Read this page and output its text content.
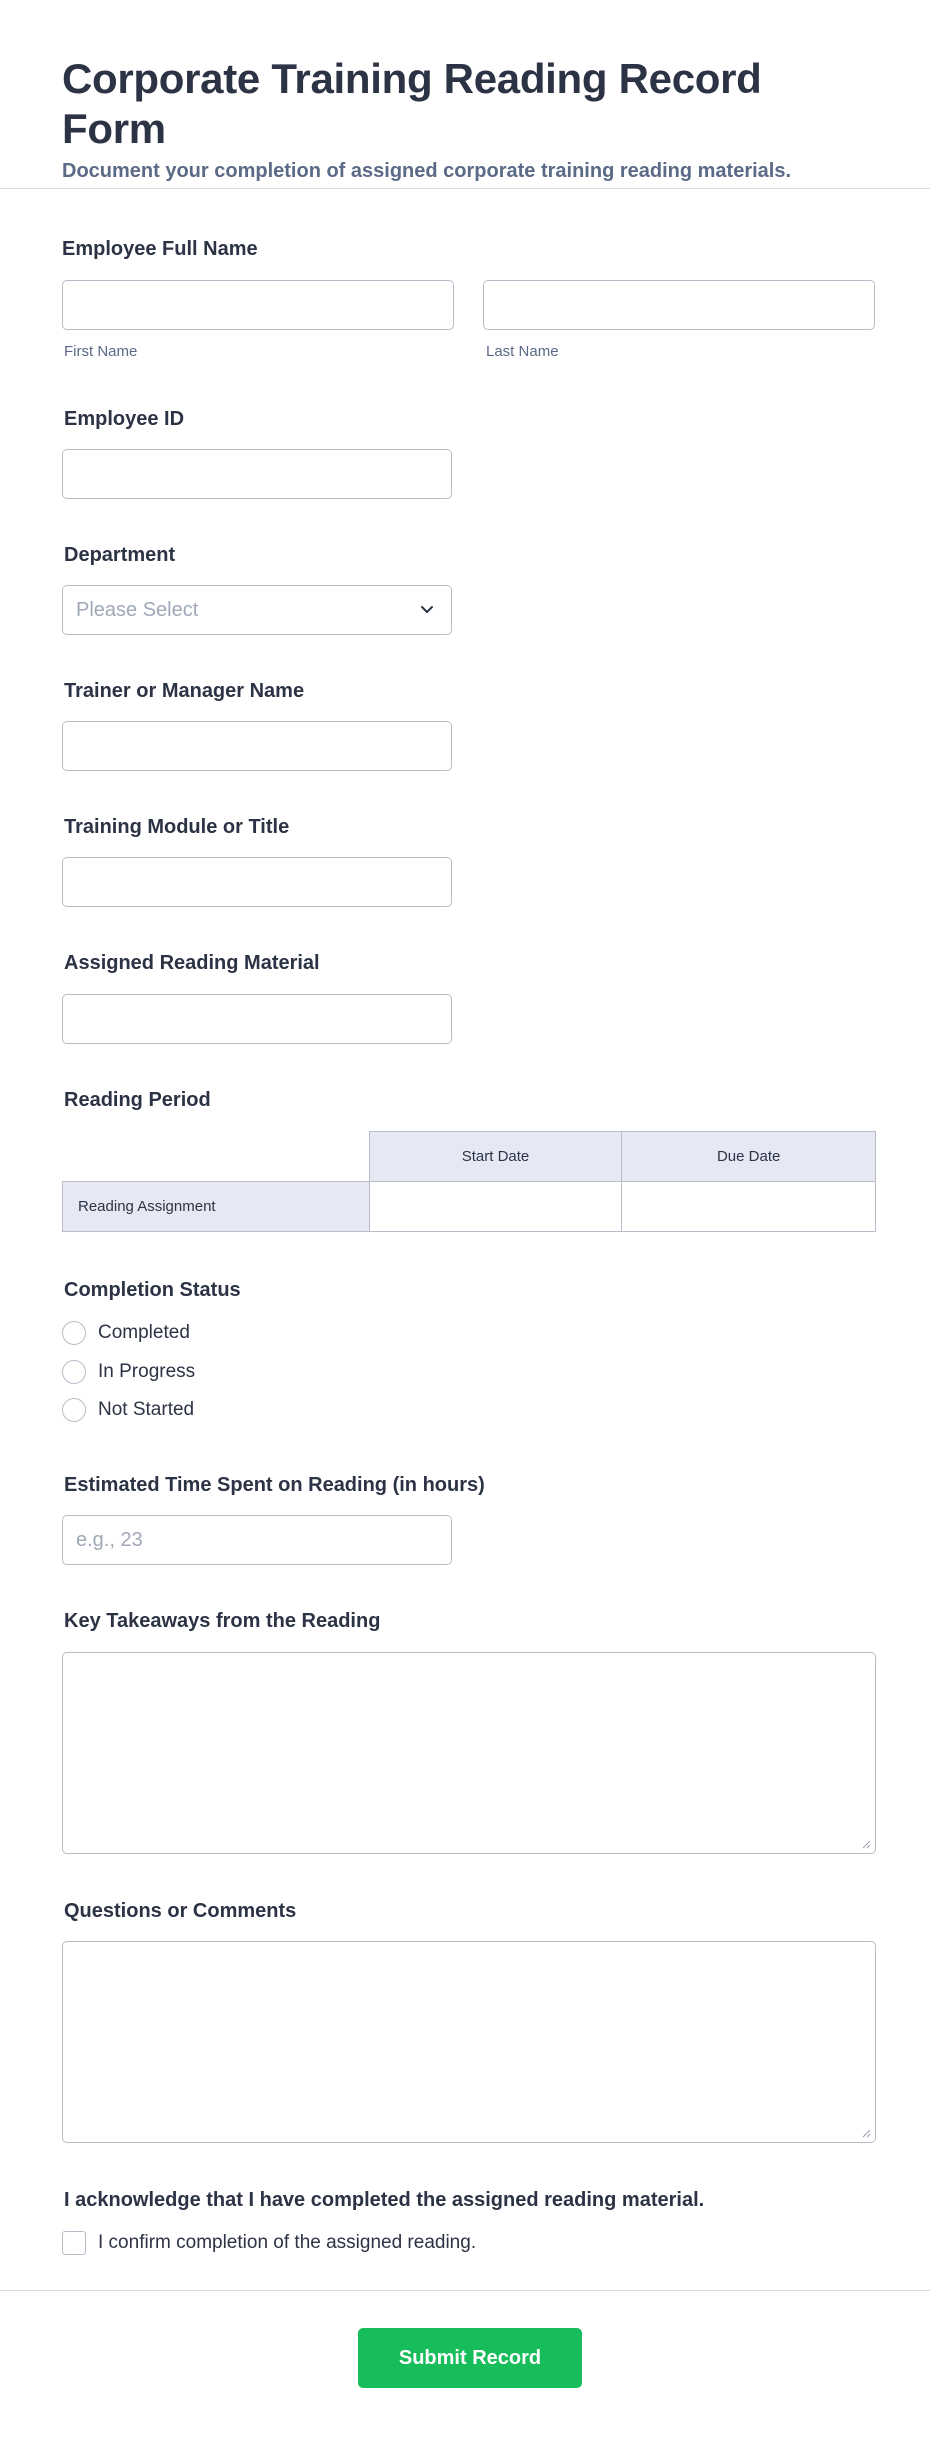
Corporate Training Reading Record Form

Document your completion of assigned corporate training reading materials.

Employee Full Name
First Name	Last Name
Employee ID
Department
Please Select
Trainer or Manager Name
Training Module or Title
Assigned Reading Material
Reading Period
	Start Date	Due Date
Reading Assignment		
Completion Status
Completed
In Progress
Not Started
Estimated Time Spent on Reading (in hours)
e.g., 23
Key Takeaways from the Reading
Questions or Comments
I acknowledge that I have completed the assigned reading material.
I confirm completion of the assigned reading.
Submit Record
